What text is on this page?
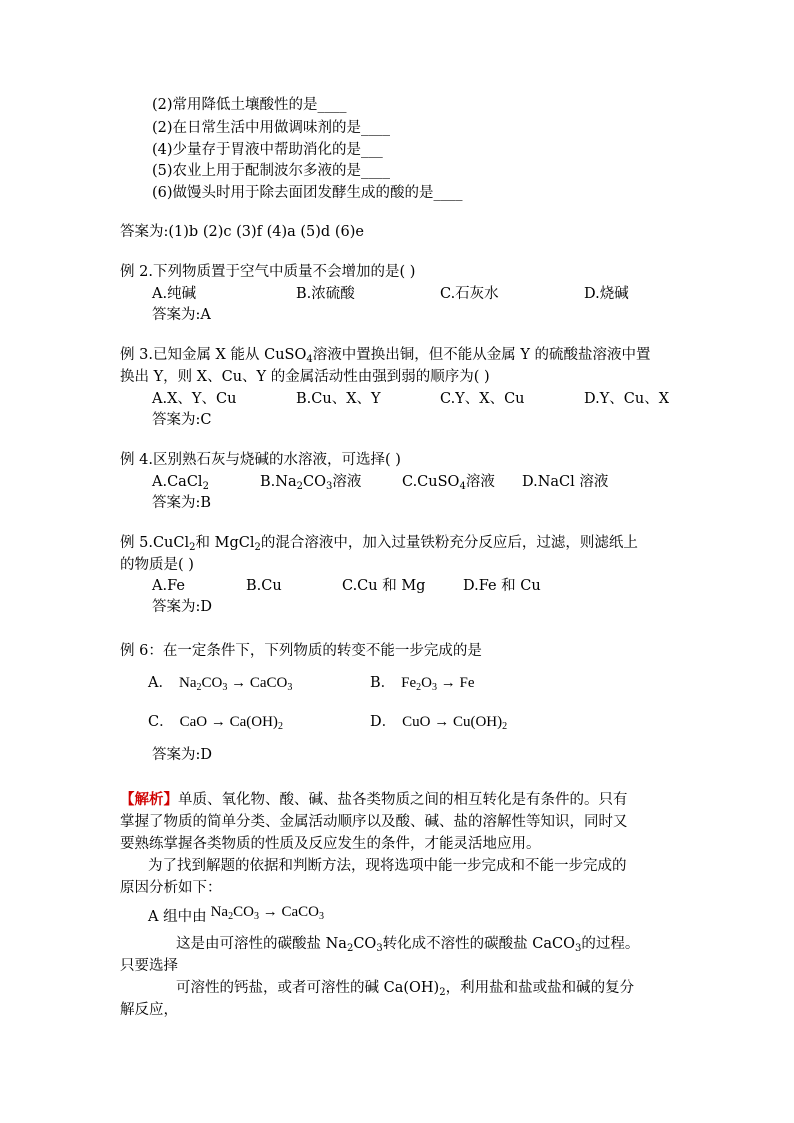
(2)常用降低土壤酸性的是____
(2)在日常生活中用做调味剂的是____
(4)少量存于胃液中帮助消化的是___
(5)农业上用于配制波尔多液的是____
(6)做馒头时用于除去面团发酵生成的酸的是____
答案为:(1)b (2)c (3)f (4)a (5)d (6)e
例 2.下列物质置于空气中质量不会增加的是( )
A.纯碱	B.浓硫酸	C.石灰水	D.烧碱
答案为:A
例 3.已知金属 X 能从 CuSO$_4$溶液中置换出铜，但不能从金属 Y 的硫酸盐溶液中置
换出 Y，则 X、Cu、Y 的金属活动性由强到弱的顺序为( )
A.X、Y、Cu	B.Cu、X、Y	C.Y、X、Cu	D.Y、Cu、X
答案为:C
例 4.区别熟石灰与烧碱的水溶液，可选择( )
A.CaCl$_2$	$B.Na_2CO_3$溶液	C.CuSO$_4$溶液 D.NaCl 溶液
答案为:B
例 5.CuCl$_2$和 MgCl$_2$的混合溶液中，加入过量铁粉充分反应后，过滤，则滤纸上
的物质是( )
A.Fe	B.Cu	C.Cu 和 Mg	D.Fe 和 Cu
答案为:D
例 6：在一定条件下，下列物质的转变不能一步完成的是
A． $Na_2CO_3$ → CaCO$_3$	B． $Fe_2O_3 \to Fe$
C． CaO → $Ca(OH)_2$	D． CuO → $Cu(OH)_2$
答案为:D
【解析】单质、氧化物、酸、碱、盐各类物质之间的相互转化是有条件的。只有
掌握了物质的简单分类、金属活动顺序以及酸、碱、盐的溶解性等知识，同时又
要熟练掌握各类物质的性质及反应发生的条件，才能灵活地应用。
为了找到解题的依据和判断方法，现将选项中能一步完成和不能一步完成的
原因分析如下：
A 组中由 $Na_2CO_3$ → CaCO$_3$
这是由可溶性的碳酸盐 $Na_2CO_3$转化成不溶性的碳酸盐 CaCO$_3$的过程。
只要选择
可溶性的钙盐，或者可溶性的碱 $Ca(OH)_2$，利用盐和盐或盐和碱的复分
解反应，
